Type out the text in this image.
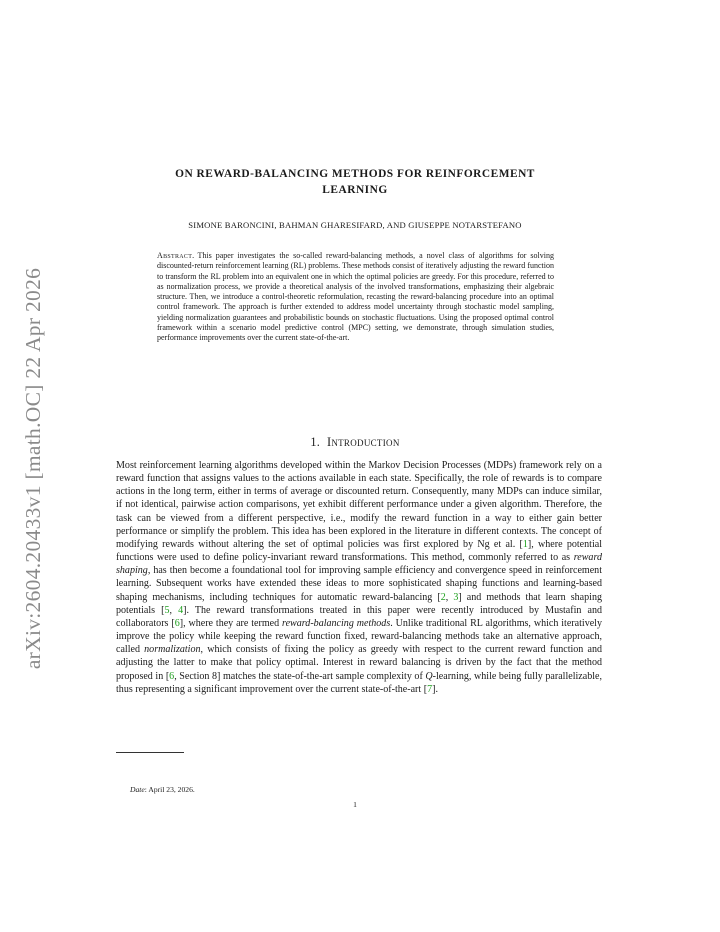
arXiv:2604.20433v1 [math.OC] 22 Apr 2026
ON REWARD-BALANCING METHODS FOR REINFORCEMENT
LEARNING
SIMONE BARONCINI, BAHMAN GHARESIFARD, AND GIUSEPPE NOTARSTEFANO
Abstract. This paper investigates the so-called reward-balancing methods, a novel class of algorithms for solving discounted-return reinforcement learning (RL) problems. These methods consist of iteratively adjusting the reward function to transform the RL problem into an equivalent one in which the optimal policies are greedy. For this procedure, referred to as normalization process, we provide a theoretical analysis of the involved transformations, emphasizing their algebraic structure. Then, we introduce a control-theoretic reformulation, recasting the reward-balancing procedure into an optimal control framework. The approach is further extended to address model uncertainty through stochastic model sampling, yielding normalization guarantees and probabilistic bounds on stochastic fluctuations. Using the proposed optimal control framework within a scenario model predictive control (MPC) setting, we demonstrate, through simulation studies, performance improvements over the current state-of-the-art.
1. Introduction
Most reinforcement learning algorithms developed within the Markov Decision Processes (MDPs) framework rely on a reward function that assigns values to the actions available in each state. Specifically, the role of rewards is to compare actions in the long term, either in terms of average or discounted return. Consequently, many MDPs can induce similar, if not identical, pairwise action comparisons, yet exhibit different performance under a given algorithm. Therefore, the task can be viewed from a different perspective, i.e., modify the reward function in a way to either gain better performance or simplify the problem. This idea has been explored in the literature in different contexts. The concept of modifying rewards without altering the set of optimal policies was first explored by Ng et al. [1], where potential functions were used to define policy-invariant reward transformations. This method, commonly referred to as reward shaping, has then become a foundational tool for improving sample efficiency and convergence speed in reinforcement learning. Subsequent works have extended these ideas to more sophisticated shaping functions and learning-based shaping mechanisms, including techniques for automatic reward-balancing [2, 3] and methods that learn shaping potentials [5, 4]. The reward transformations treated in this paper were recently introduced by Mustafin and collaborators [6], where they are termed reward-balancing methods. Unlike traditional RL algorithms, which iteratively improve the policy while keeping the reward function fixed, reward-balancing methods take an alternative approach, called normalization, which consists of fixing the policy as greedy with respect to the current reward function and adjusting the latter to make that policy optimal. Interest in reward balancing is driven by the fact that the method proposed in [6, Section 8] matches the state-of-the-art sample complexity of Q-learning, while being fully parallelizable, thus representing a significant improvement over the current state-of-the-art [7].
Date: April 23, 2026.
1
